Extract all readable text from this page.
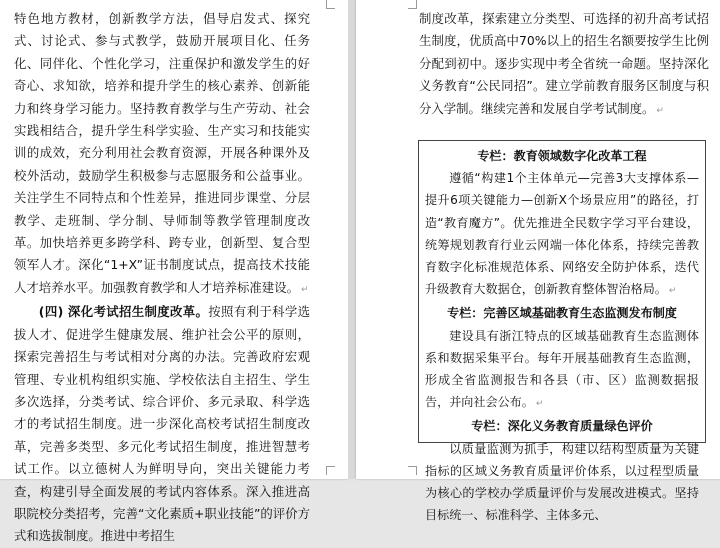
特色地方教材，创新教学方法，倡导启发式、探究式、讨论式、参与式教学，鼓励开展项目化、任务化、同伴化、个性化学习，注重保护和激发学生的好奇心、求知欲，培养和提升学生的核心素养、创新能力和终身学习能力。坚持教育教学与生产劳动、社会实践相结合，提升学生科学实验、生产实习和技能实训的成效，充分利用社会教育资源，开展各种课外及校外活动，鼓励学生积极参与志愿服务和公益事业。关注学生不同特点和个性差异，推进同步课堂、分层教学、走班制、学分制、导师制等教学管理制度改革。加快培养更多跨学科、跨专业，创新型、复合型领军人才。深化“1+X”证书制度试点，提高技术技能人才培养水平。加强教育教学和人才培养标准建设。 ↵

(四) 深化考试招生制度改革。按照有利于科学选拔人才、促进学生健康发展、维护社会公平的原则，探索完善招生与考试相对分离的办法。完善政府宏观管理、专业机构组织实施、学校依法自主招生、学生多次选择，分类考试、综合评价、多元录取、科学选才的考试招生制度。进一步深化高校考试招生制度改革，完善多类型、多元化考试招生制度，推进智慧考试工作。以立德树人为鲜明导向，突出关键能力考查，构建引导全面发展的考试内容体系。深入推进高职院校分类招考，完善“文化素质+职业技能”的评价方式和选拔制度。推进中考招生

制度改革，探索建立分类型、可选择的初升高考试招生制度，优质高中70%以上的招生名额要按学生比例分配到初中。逐步实现中考全省统一命题。坚持深化义务教育“公民同招”。建立学前教育服务区制度与积分入学制。继续完善和发展自学考试制度。 ↵

专栏：教育领域数字化改革工程

遵循“构建1个主体单元—完善3大支撑体系—提升6项关键能力—创新X个场景应用”的路径，打造“教育魔方”。优先推进全民数字学习平台建设，统筹规划教育行业云网端一体化体系，持续完善教育数字化标准规范体系、网络安全防护体系，迭代升级教育大数据仓，创新教育整体智治格局。 ↵

专栏：完善区域基础教育生态监测发布制度

建设具有浙江特点的区域基础教育生态监测体系和数据采集平台。每年开展基础教育生态监测，形成全省监测报告和各县（市、区）监测数据报告，并向社会公布。 ↵

专栏：深化义务教育质量绿色评价

以质量监测为抓手，构建以结构型质量为关键指标的区域义务教育质量评价体系，以过程型质量为核心的学校办学质量评价与发展改进模式。坚持目标统一、标准科学、主体多元、
